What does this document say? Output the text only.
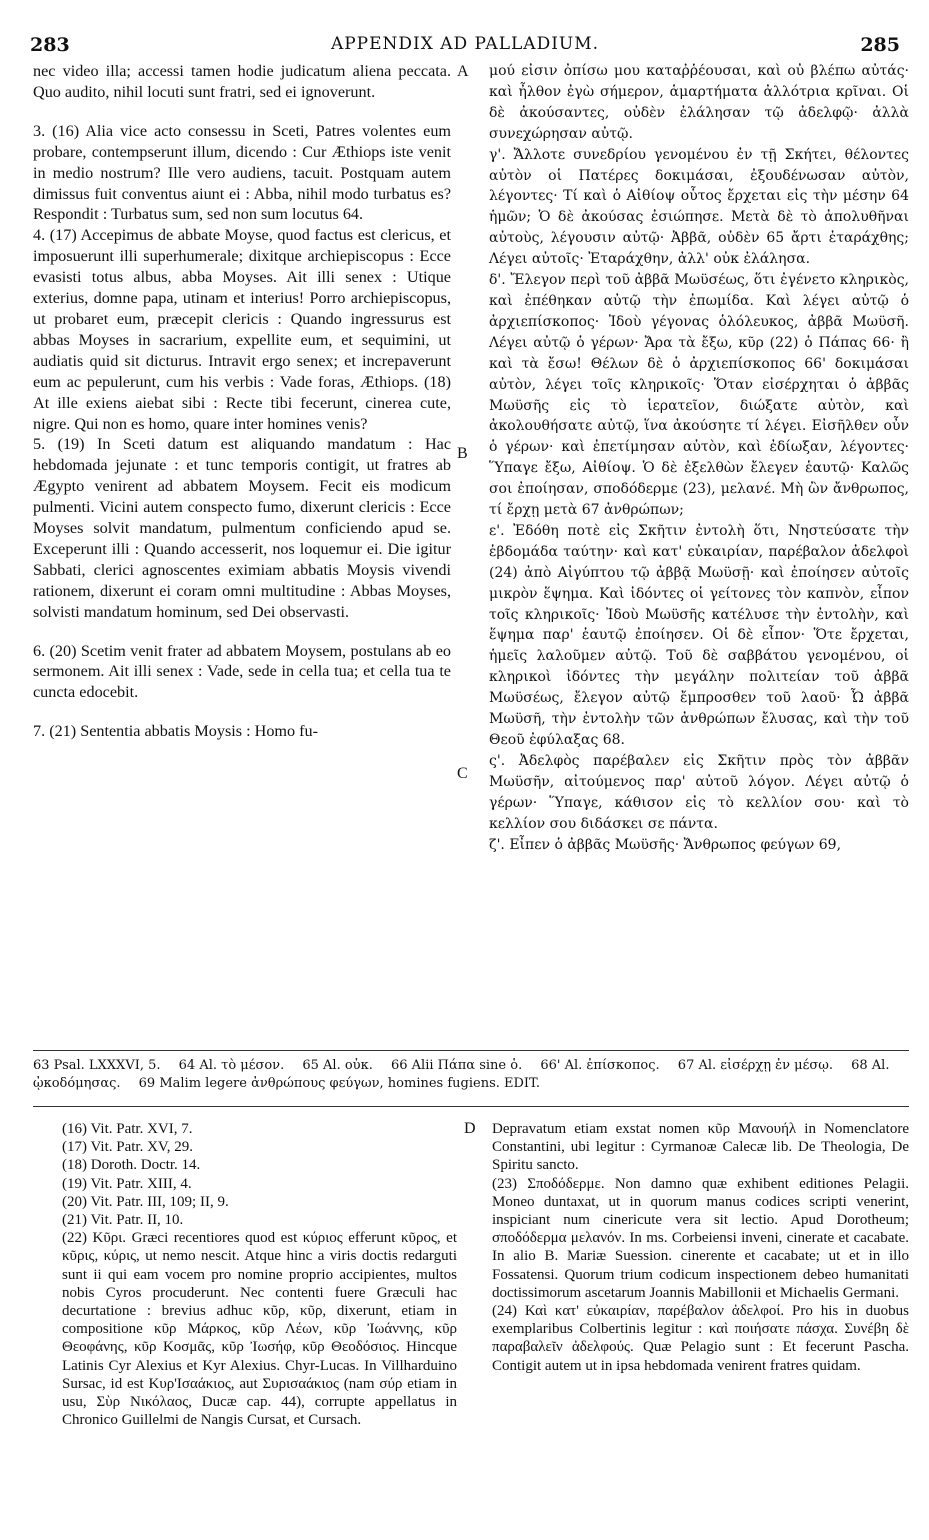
283	APPENDIX AD PALLADIUM.	285

nec video illa; accessi tamen hodie judicatum aliena peccata. Quo audito, nihil locuti sunt fratri, sed ei ignoverunt.

3. (16) Alia vice acto consessu in Sceti, Patres volentes eum probare, contempserunt illum, dicendo : Cur Æthiops iste venit in medio nostrum? Ille vero audiens, tacuit. Postquam autem dimissus fuit conventus aiunt ei : Abba, nihil modo turbatus es? Respondit : Turbatus sum, sed non sum locutus 64.

4. (17) Accepimus de abbate Moyse, quod factus est clericus, et imposuerunt illi superhumerale; dixitque archiepiscopus : Ecce evasisti totus albus, abba Moyses. Ait illi senex : Utique exterius, domne papa, utinam et interius! Porro archiepiscopus, ut probaret eum, præcepit clericis : Quando ingressurus est abbas Moyses in sacrarium, expellite eum, et sequimini, ut audiatis quid sit dicturus. Intravit ergo senex; et increpaverunt eum ac pepulerunt, cum his verbis : Vade foras, Æthiops. (18) At ille exiens aiebat sibi : Recte tibi fecerunt, cinerea cute, nigre. Qui non es homo, quare inter homines venis?

5. (19) In Sceti datum est aliquando mandatum : Hac hebdomada jejunate : et tunc temporis contigit, ut fratres ab Ægypto venirent ad abbatem Moysem. Fecit eis modicum pulmenti. Vicini autem conspecto fumo, dixerunt clericis : Ecce Moyses solvit mandatum, pulmentum conficiendo apud se. Exceperunt illi : Quando accesserit, nos loquemur ei. Die igitur Sabbati, clerici agnoscentes eximiam abbatis Moysis vivendi rationem, dixerunt ei coram omni multitudine : Abbas Moyses, solvisti mandatum hominum, sed Dei observasti.

6. (20) Scetim venit frater ad abbatem Moysem, postulans ab eo sermonem. Ait illi senex : Vade, sede in cella tua; et cella tua te cuncta edocebit.

7. (21) Sententia abbatis Moysis : Homo fu-

A
B
C
D

μού εἰσιν ὀπίσω μου καταῤῥέουσαι, καὶ οὐ βλέπω αὐτάς· καὶ ἦλθον ἐγὼ σήμερον, ἁμαρτήματα ἀλλότρια κρῖναι. Οἱ δὲ ἀκούσαντες, οὐδὲν ἐλάλησαν τῷ ἀδελφῷ· ἀλλὰ συνεχώρησαν αὐτῷ.

γ'. Ἄλλοτε συνεδρίου γενομένου ἐν τῇ Σκήτει, θέλοντες αὐτὸν οἱ Πατέρες δοκιμάσαι, ἐξουδένωσαν αὐτὸν, λέγοντες· Τί καὶ ὁ Αἰθίοψ οὗτος ἔρχεται εἰς τὴν μέσην 64 ἡμῶν; Ὁ δὲ ἀκούσας ἐσιώπησε. Μετὰ δὲ τὸ ἀπολυθῆναι αὐτοὺς, λέγουσιν αὐτῷ· Ἀββᾶ, οὐδὲν 65 ἄρτι ἐταράχθης; Λέγει αὐτοῖς· Ἐταράχθην, ἀλλ' οὐκ ἐλάλησα.

δ'. Ἔλεγον περὶ τοῦ ἀββᾶ Μωϋσέως, ὅτι ἐγένετο κληρικὸς, καὶ ἐπέθηκαν αὐτῷ τὴν ἐπωμίδα. Καὶ λέγει αὐτῷ ὁ ἀρχιεπίσκοπος· Ἰδοὺ γέγονας ὁλόλευκος, ἀββᾶ Μωϋσῆ. Λέγει αὐτῷ ὁ γέρων· Ἄρα τὰ ἔξω, κῦρ (22) ὁ Πάπας 66· ἢ καὶ τὰ ἔσω! Θέλων δὲ ὁ ἀρχιεπίσκοπος 66' δοκιμάσαι αὐτὸν, λέγει τοῖς κληρικοῖς· Ὅταν εἰσέρχηται ὁ ἀββᾶς Μωϋσῆς εἰς τὸ ἱερατεῖον, διώξατε αὐτὸν, καὶ ἀκολουθήσατε αὐτῷ, ἵνα ἀκούσητε τί λέγει. Εἰσῆλθεν οὖν ὁ γέρων· καὶ ἐπετίμησαν αὐτὸν, καὶ ἐδίωξαν, λέγοντες· Ὕπαγε ἔξω, Αἰθίοψ. Ὁ δὲ ἐξελθὼν ἔλεγεν ἑαυτῷ· Καλῶς σοι ἐποίησαν, σποδόδερμε (23), μελανέ. Μὴ ὢν ἄνθρωπος, τί ἔρχῃ μετὰ 67 ἀνθρώπων;

ε'. Ἐδόθη ποτὲ εἰς Σκῆτιν ἐντολὴ ὅτι, Νηστεύσατε τὴν ἑβδομάδα ταύτην· καὶ κατ' εὐκαιρίαν, παρέβαλον ἀδελφοὶ (24) ἀπὸ Αἰγύπτου τῷ ἀββᾷ Μωϋσῇ· καὶ ἐποίησεν αὐτοῖς μικρὸν ἕψημα. Καὶ ἰδόντες οἱ γείτονες τὸν καπνὸν, εἶπον τοῖς κληρικοῖς· Ἰδοὺ Μωϋσῆς κατέλυσε τὴν ἐντολὴν, καὶ ἕψημα παρ' ἑαυτῷ ἐποίησεν. Οἱ δὲ εἶπον· Ὅτε ἔρχεται, ἡμεῖς λαλοῦμεν αὐτῷ. Τοῦ δὲ σαββάτου γενομένου, οἱ κληρικοὶ ἰδόντες τὴν μεγάλην πολιτείαν τοῦ ἀββᾶ Μωϋσέως, ἔλεγον αὐτῷ ἔμπροσθεν τοῦ λαοῦ· Ὦ ἀββᾶ Μωϋσῆ, τὴν ἐντολὴν τῶν ἀνθρώπων ἔλυσας, καὶ τὴν τοῦ Θεοῦ ἐφύλαξας 68.

ς'. Ἀδελφὸς παρέβαλεν εἰς Σκῆτιν πρὸς τὸν ἀββᾶν Μωϋσῆν, αἰτούμενος παρ' αὐτοῦ λόγον. Λέγει αὐτῷ ὁ γέρων· Ὕπαγε, κάθισον εἰς τὸ κελλίον σου· καὶ τὸ κελλίον σου διδάσκει σε πάντα.

ζ'. Εἶπεν ὁ ἀββᾶς Μωϋσῆς· Ἄνθρωπος φεύγων 69,

63 Psal. LXXXVI, 5. 64 Al. τὸ μέσον. 65 Al. οὐκ. 66 Alii Πάπα sine ὁ. 66' Al. ἐπίσκοπος. 67 Al. εἰσέρχῃ ἐν μέσῳ. 68 Al. ᾠκοδόμησας. 69 Malim legere ἀνθρώπους φεύγων, homines fugiens. EDIT.
(16) Vit. Patr. XVI, 7.
(17) Vit. Patr. XV, 29.
(18) Doroth. Doctr. 14.
(19) Vit. Patr. XIII, 4.
(20) Vit. Patr. III, 109; II, 9.
(21) Vit. Patr. II, 10.

(22) Κῦρι. Græci recentiores quod est κύριος efferunt κῦρος, et κῦρις, κύρις, ut nemo nescit. Atque hinc a viris doctis redarguti sunt ii qui eam vocem pro nomine proprio accipientes, multos nobis Cyros procuderunt. Nec contenti fuere Græculi hac decurtatione : brevius adhuc κῦρ, κῦρ, dixerunt, etiam in compositione κῦρ Μάρκος, κῦρ Λέων, κῦρ Ἰωάννης, κῦρ Θεοφάνης, κῦρ Κοσμᾶς, κῦρ Ἰωσήφ, κῦρ Θεοδόσιος. Hincque Latinis Cyr Alexius et Kyr Alexius. Chyr-Lucas. In Villharduino Sursac, id est Κυρ'Ισαάκιος, aut Συρισαάκιος (nam σύρ etiam in usu, Σὺρ Νικόλαος, Ducæ cap. 44), corrupte appellatus in Chronico Guillelmi de Nangis Cursat, et Cursach.

Depravatum etiam exstat nomen κῦρ Μανουήλ in Nomenclatore Constantini, ubi legitur : Cyrmanoæ Calecæ lib. De Theologia, De Spiritu sancto.

(23) Σποδόδερμε. Non damno quæ exhibent editiones Pelagii. Moneo duntaxat, ut in quorum manus codices scripti venerint, inspiciant num cinericute vera sit lectio. Apud Dorotheum; σποδόδερμα μελανόν. In ms. Corbeiensi inveni, cinerate et cacabate. In alio B. Mariæ Suession. cinerente et cacabate; ut et in illo Fossatensi. Quorum trium codicum inspectionem debeo humanitati doctissimorum ascetarum Joannis Mabillonii et Michaelis Germani.

(24) Καὶ κατ' εὐκαιρίαν, παρέβαλον ἀδελφοί. Pro his in duobus exemplaribus Colbertinis legitur : καὶ ποιήσατε πάσχα. Συνέβη δὲ παραβαλεῖν ἀδελφούς. Quæ Pelagio sunt : Et fecerunt Pascha. Contigit autem ut in ipsa hebdomada venirent fratres quidam.
